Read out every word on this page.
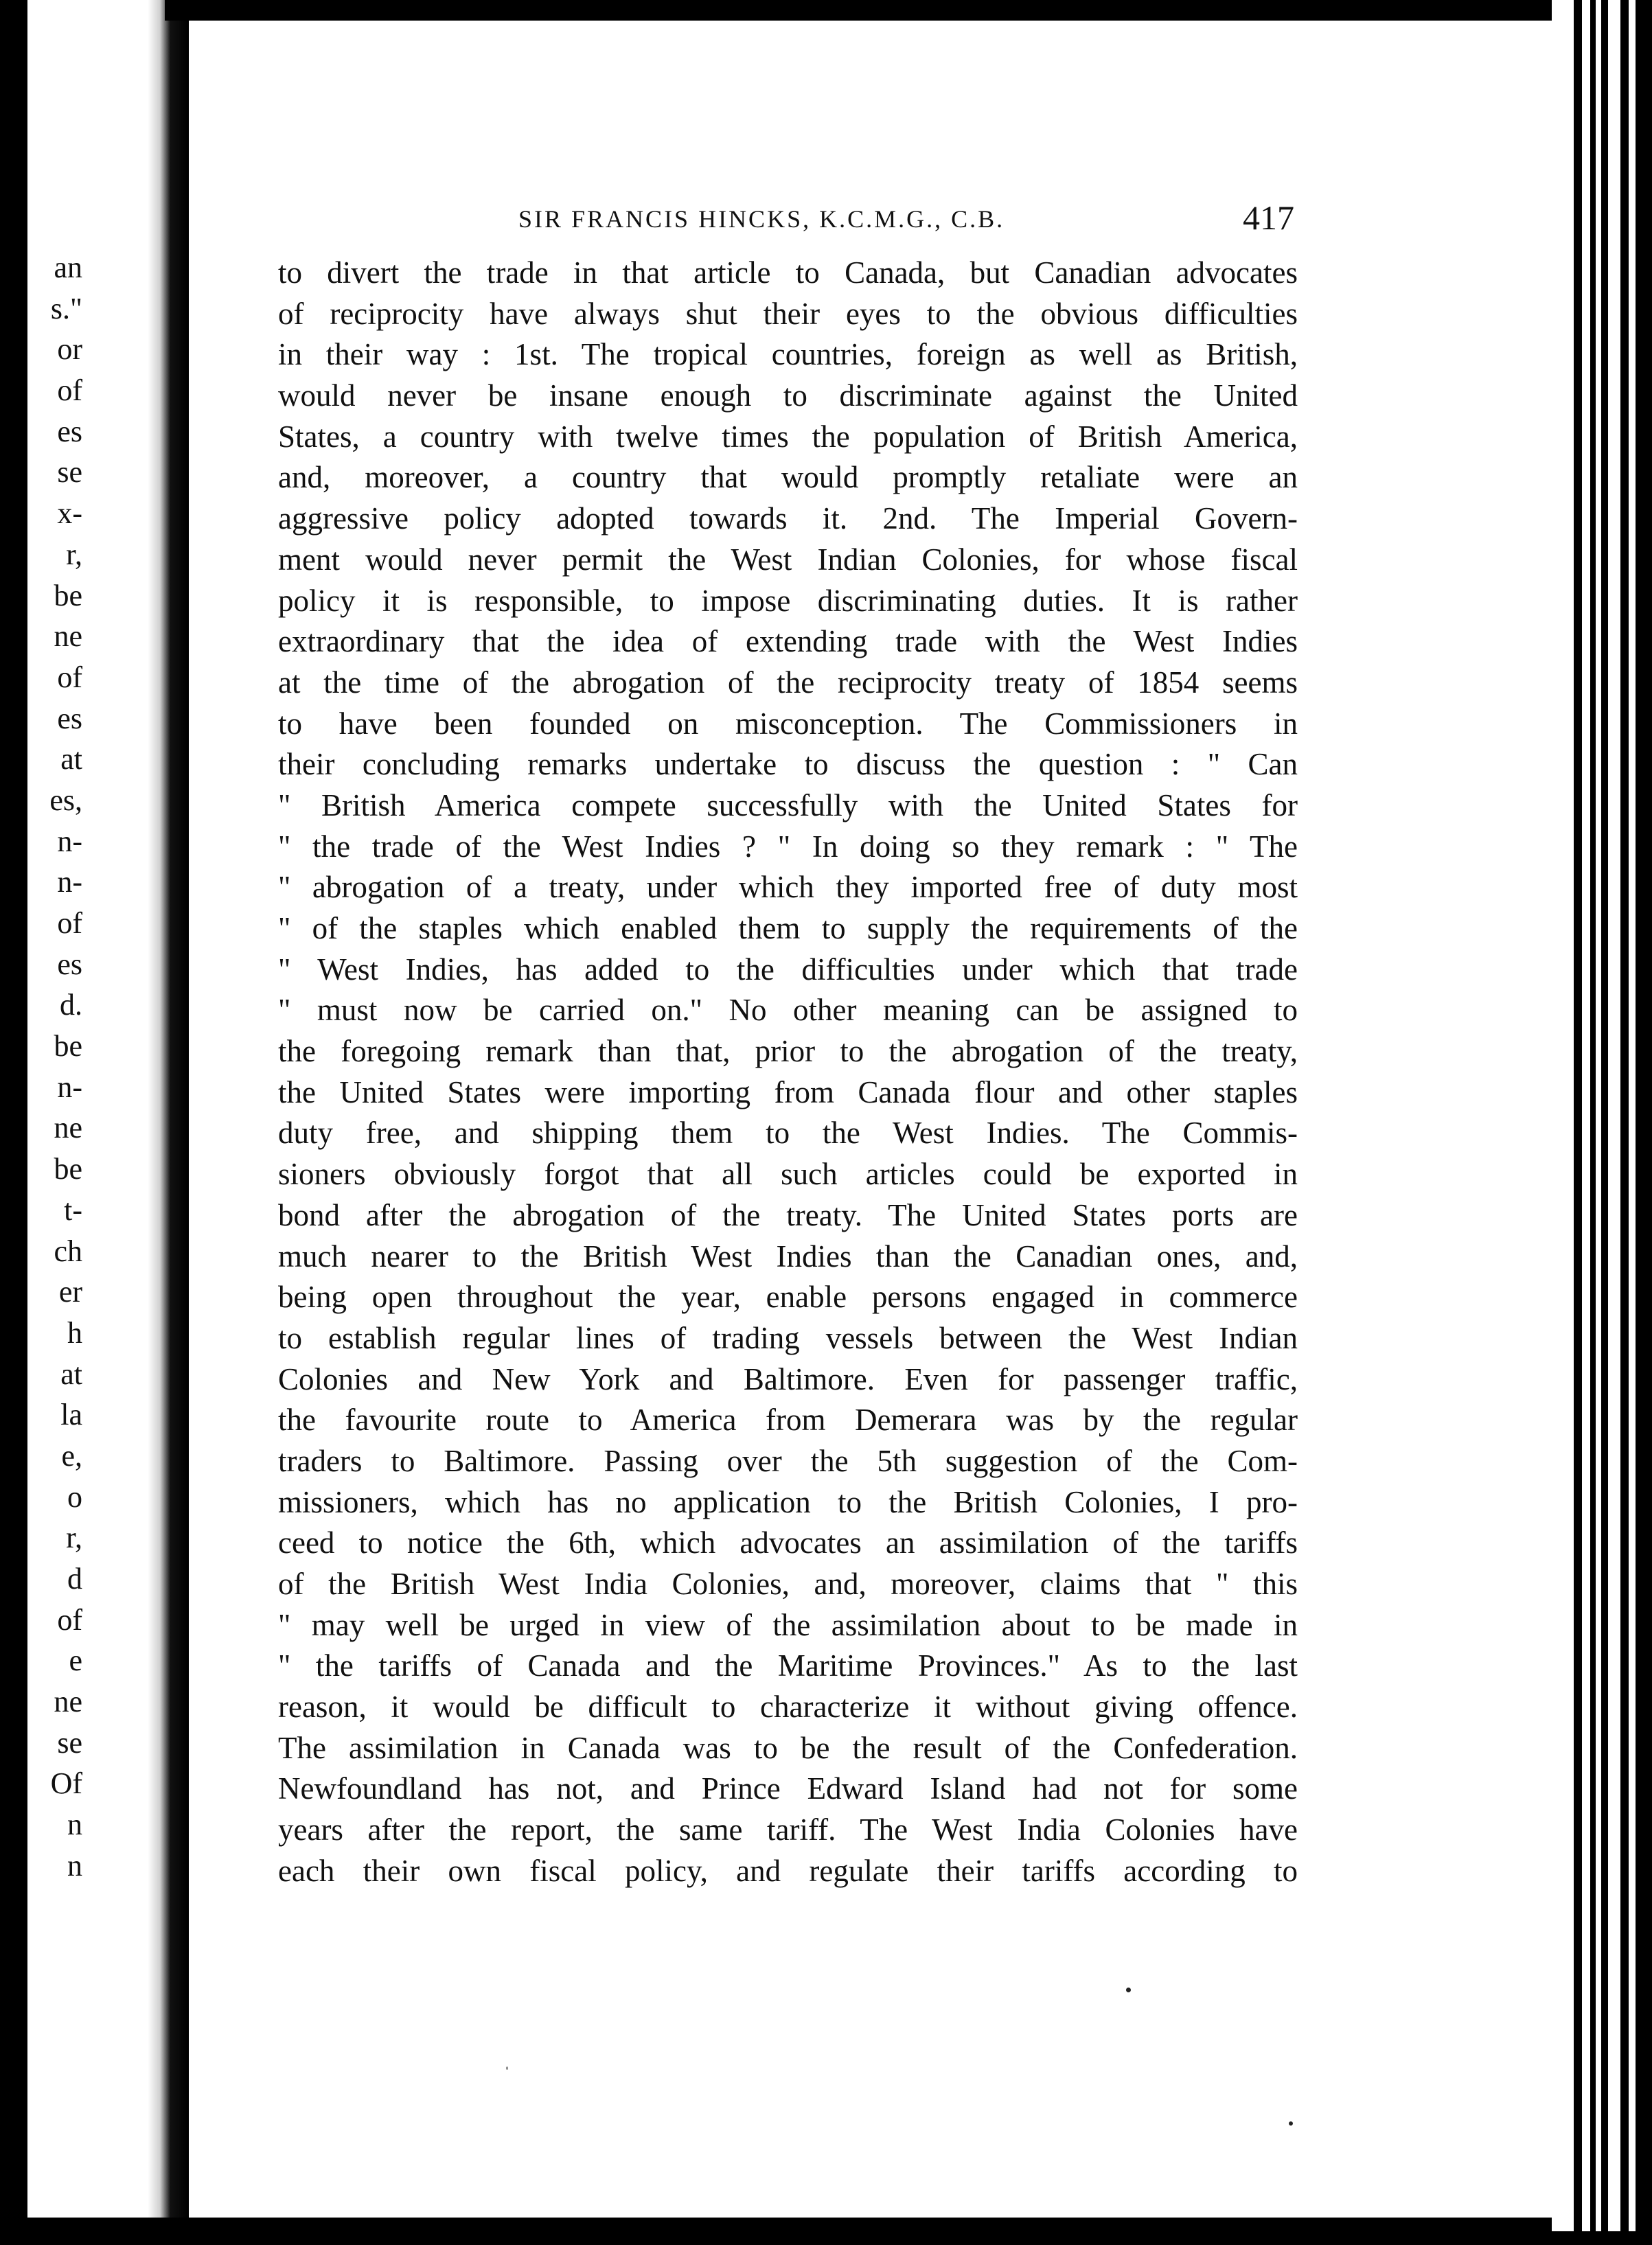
an
s."
or
of
es
se
x-
r,
be
ne
of
es
at
es,
n-
n-
of
es
d.
be
n-
ne
be
t-
ch
er
h
at
la
e,
o
r,
d
of
e
ne
se
Of
n
n
SIR FRANCIS HINCKS, K.C.M.G., C.B.	417
to divert the trade in that article to Canada, but Canadian advocates
of reciprocity have always shut their eyes to the obvious difficulties
in their way : 1st. The tropical countries, foreign as well as British,
would never be insane enough to discriminate against the United
States, a country with twelve times the population of British America,
and, moreover, a country that would promptly retaliate were an
aggressive policy adopted towards it. 2nd. The Imperial Govern-
ment would never permit the West Indian Colonies, for whose fiscal
policy it is responsible, to impose discriminating duties. It is rather
extraordinary that the idea of extending trade with the West Indies
at the time of the abrogation of the reciprocity treaty of 1854 seems
to have been founded on misconception. The Commissioners in
their concluding remarks undertake to discuss the question : " Can
" British America compete successfully with the United States for
" the trade of the West Indies ? " In doing so they remark : " The
" abrogation of a treaty, under which they imported free of duty most
" of the staples which enabled them to supply the requirements of the
" West Indies, has added to the difficulties under which that trade
" must now be carried on." No other meaning can be assigned to
the foregoing remark than that, prior to the abrogation of the treaty,
the United States were importing from Canada flour and other staples
duty free, and shipping them to the West Indies. The Commis-
sioners obviously forgot that all such articles could be exported in
bond after the abrogation of the treaty. The United States ports are
much nearer to the British West Indies than the Canadian ones, and,
being open throughout the year, enable persons engaged in commerce
to establish regular lines of trading vessels between the West Indian
Colonies and New York and Baltimore. Even for passenger traffic,
the favourite route to America from Demerara was by the regular
traders to Baltimore. Passing over the 5th suggestion of the Com-
missioners, which has no application to the British Colonies, I pro-
ceed to notice the 6th, which advocates an assimilation of the tariffs
of the British West India Colonies, and, moreover, claims that " this
" may well be urged in view of the assimilation about to be made in
" the tariffs of Canada and the Maritime Provinces." As to the last
reason, it would be difficult to characterize it without giving offence.
The assimilation in Canada was to be the result of the Confederation.
Newfoundland has not, and Prince Edward Island had not for some
years after the report, the same tariff. The West India Colonies have
each their own fiscal policy, and regulate their tariffs according to
